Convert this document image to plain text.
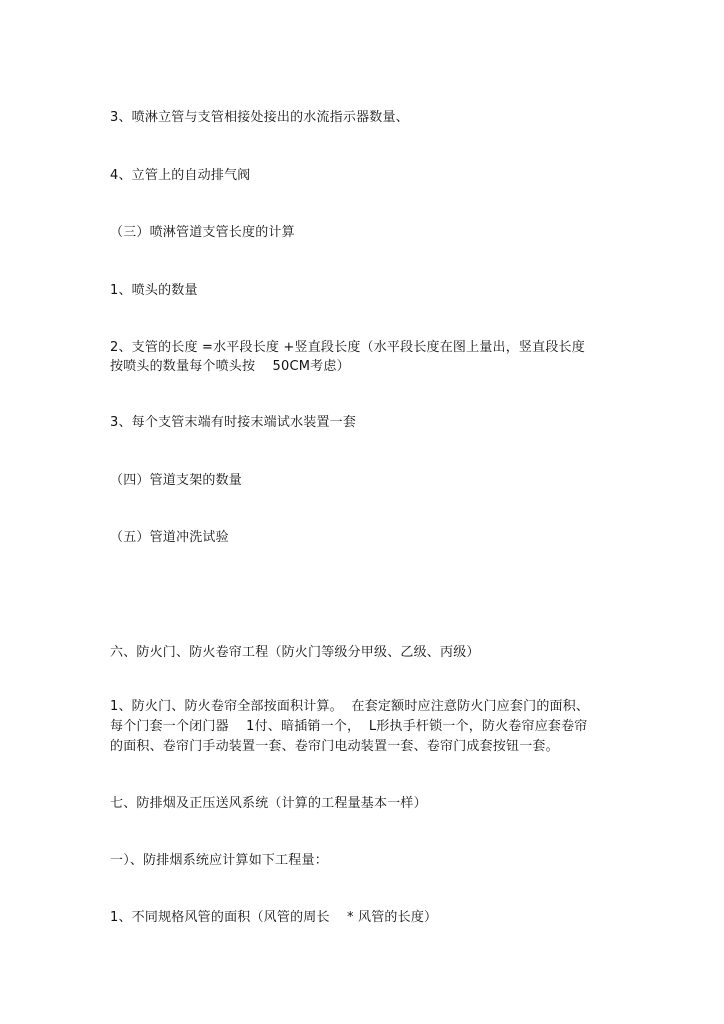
3、喷淋立管与支管相接处接出的水流指示器数量、
4、立管上的自动排气阀
（三）喷淋管道支管长度的计算
1、喷头的数量
2、支管的长度 =水平段长度 +竖直段长度（水平段长度在图上量出，竖直段长度
按喷头的数量每个喷头按    50CM考虑）
3、每个支管末端有时接末端试水装置一套
（四）管道支架的数量
（五）管道冲洗试验
六、防火门、防火卷帘工程（防火门等级分甲级、乙级、丙级）
1、防火门、防火卷帘全部按面积计算。  在套定额时应注意防火门应套门的面积、
每个门套一个闭门器    1付、暗插销一个，  L形执手杆锁一个，防火卷帘应套卷帘
的面积、卷帘门手动装置一套、卷帘门电动装置一套、卷帘门成套按钮一套。
七、防排烟及正压送风系统（计算的工程量基本一样）
一）、防排烟系统应计算如下工程量：
1、不同规格风管的面积（风管的周长    * 风管的长度）
